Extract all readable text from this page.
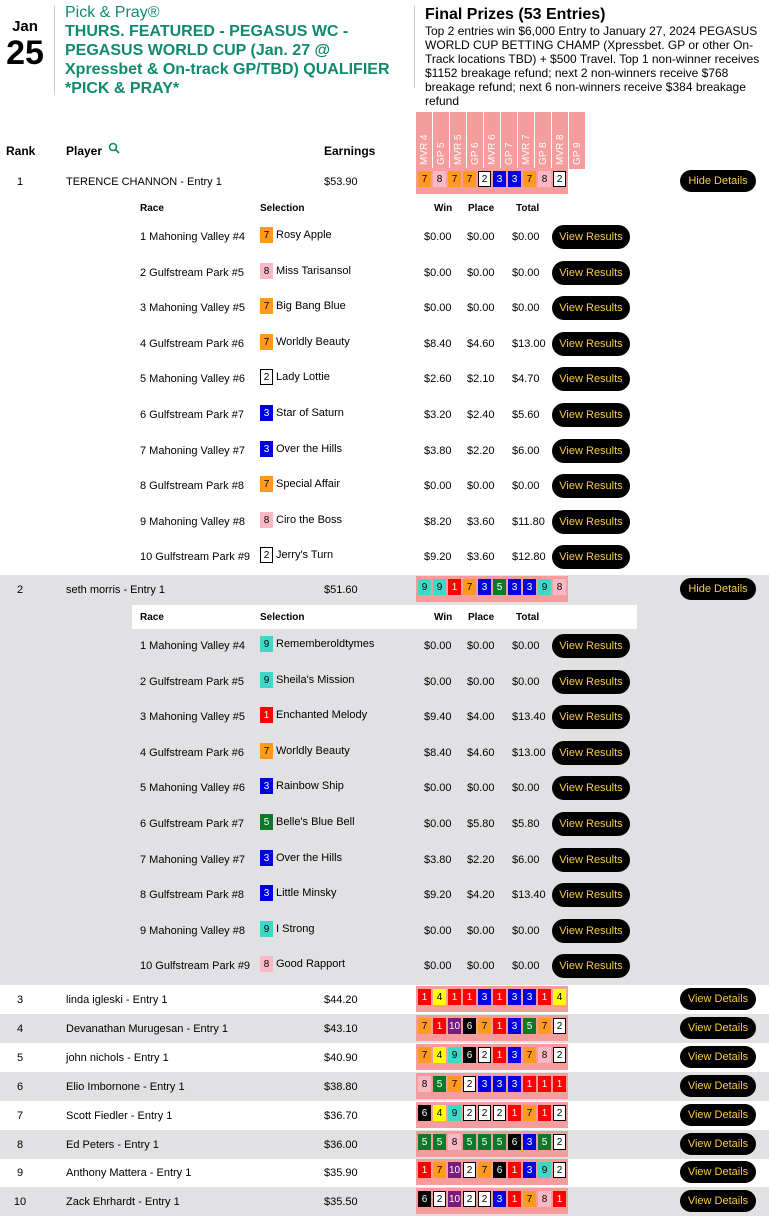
Jan
25
Pick & Pray®
THURS. FEATURED - PEGASUS WC - PEGASUS WORLD CUP (Jan. 27 @ Xpressbet & On-track GP/TBD) QUALIFIER *PICK & PRAY*
Final Prizes (53 Entries)
Top 2 entries win $6,000 Entry to January 27, 2024 PEGASUS WORLD CUP BETTING CHAMP (Xpressbet. GP or other On-Track locations TBD) + $500 Travel. Top 1 non-winner receives $1152 breakage refund; next 2 non-winners receive $768 breakage refund; next 6 non-winners receive $384 breakage refund
Rank	Player	Earnings	MVR 4 GP 5 MVR 5 GP 6 MVR 6 GP 7 MVR 7 GP 8 MVR 8 GP 9
1	TERENCE CHANNON - Entry 1	$53.90	7 8 7 7 2 3 3 7 8 2	Hide Details
Race	Selection	Win Place Total
1 Mahoning Valley #4	7 Rosy Apple	$0.00 $0.00 $0.00	View Results
2 Gulfstream Park #5	8 Miss Tarisansol	$0.00 $0.00 $0.00	View Results
3 Mahoning Valley #5	7 Big Bang Blue	$0.00 $0.00 $0.00	View Results
4 Gulfstream Park #6	7 Worldly Beauty	$8.40 $4.60 $13.00	View Results
5 Mahoning Valley #6	2 Lady Lottie	$2.60 $2.10 $4.70	View Results
6 Gulfstream Park #7	3 Star of Saturn	$3.20 $2.40 $5.60	View Results
7 Mahoning Valley #7	3 Over the Hills	$3.80 $2.20 $6.00	View Results
8 Gulfstream Park #8	7 Special Affair	$0.00 $0.00 $0.00	View Results
9 Mahoning Valley #8	8 Ciro the Boss	$8.20 $3.60 $11.80	View Results
10 Gulfstream Park #9	2 Jerry's Turn	$9.20 $3.60 $12.80	View Results
2	seth morris - Entry 1	$51.60	9 9 1 7 3 5 3 3 9 8	Hide Details
Race	Selection	Win Place Total
1 Mahoning Valley #4	9 Rememberoldtymes	$0.00 $0.00 $0.00	View Results
2 Gulfstream Park #5	9 Sheila's Mission	$0.00 $0.00 $0.00	View Results
3 Mahoning Valley #5	1 Enchanted Melody	$9.40 $4.00 $13.40	View Results
4 Gulfstream Park #6	7 Worldly Beauty	$8.40 $4.60 $13.00	View Results
5 Mahoning Valley #6	3 Rainbow Ship	$0.00 $0.00 $0.00	View Results
6 Gulfstream Park #7	5 Belle's Blue Bell	$0.00 $5.80 $5.80	View Results
7 Mahoning Valley #7	3 Over the Hills	$3.80 $2.20 $6.00	View Results
8 Gulfstream Park #8	3 Little Minsky	$9.20 $4.20 $13.40	View Results
9 Mahoning Valley #8	9 I Strong	$0.00 $0.00 $0.00	View Results
10 Gulfstream Park #9	8 Good Rapport	$0.00 $0.00 $0.00	View Results
3	linda igleski - Entry 1	$44.20	1 4 1 1 3 1 3 3 1 4	View Details
4	Devanathan Murugesan - Entry 1	$43.10	7 1 10 6 7 1 3 5 7 2	View Details
5	john nichols - Entry 1	$40.90	7 4 9 6 2 1 3 7 8 2	View Details
6	Elio Imbornone - Entry 1	$38.80	8 5 7 2 3 3 3 1 1 1	View Details
7	Scott Fiedler - Entry 1	$36.70	6 4 9 2 2 2 1 7 1 2	View Details
8	Ed Peters - Entry 1	$36.00	5 5 8 5 5 5 6 3 5 2	View Details
9	Anthony Mattera - Entry 1	$35.90	1 7 10 2 7 6 1 3 9 2	View Details
10	Zack Ehrhardt - Entry 1	$35.50	6 2 10 2 2 3 1 7 8 1	View Details
